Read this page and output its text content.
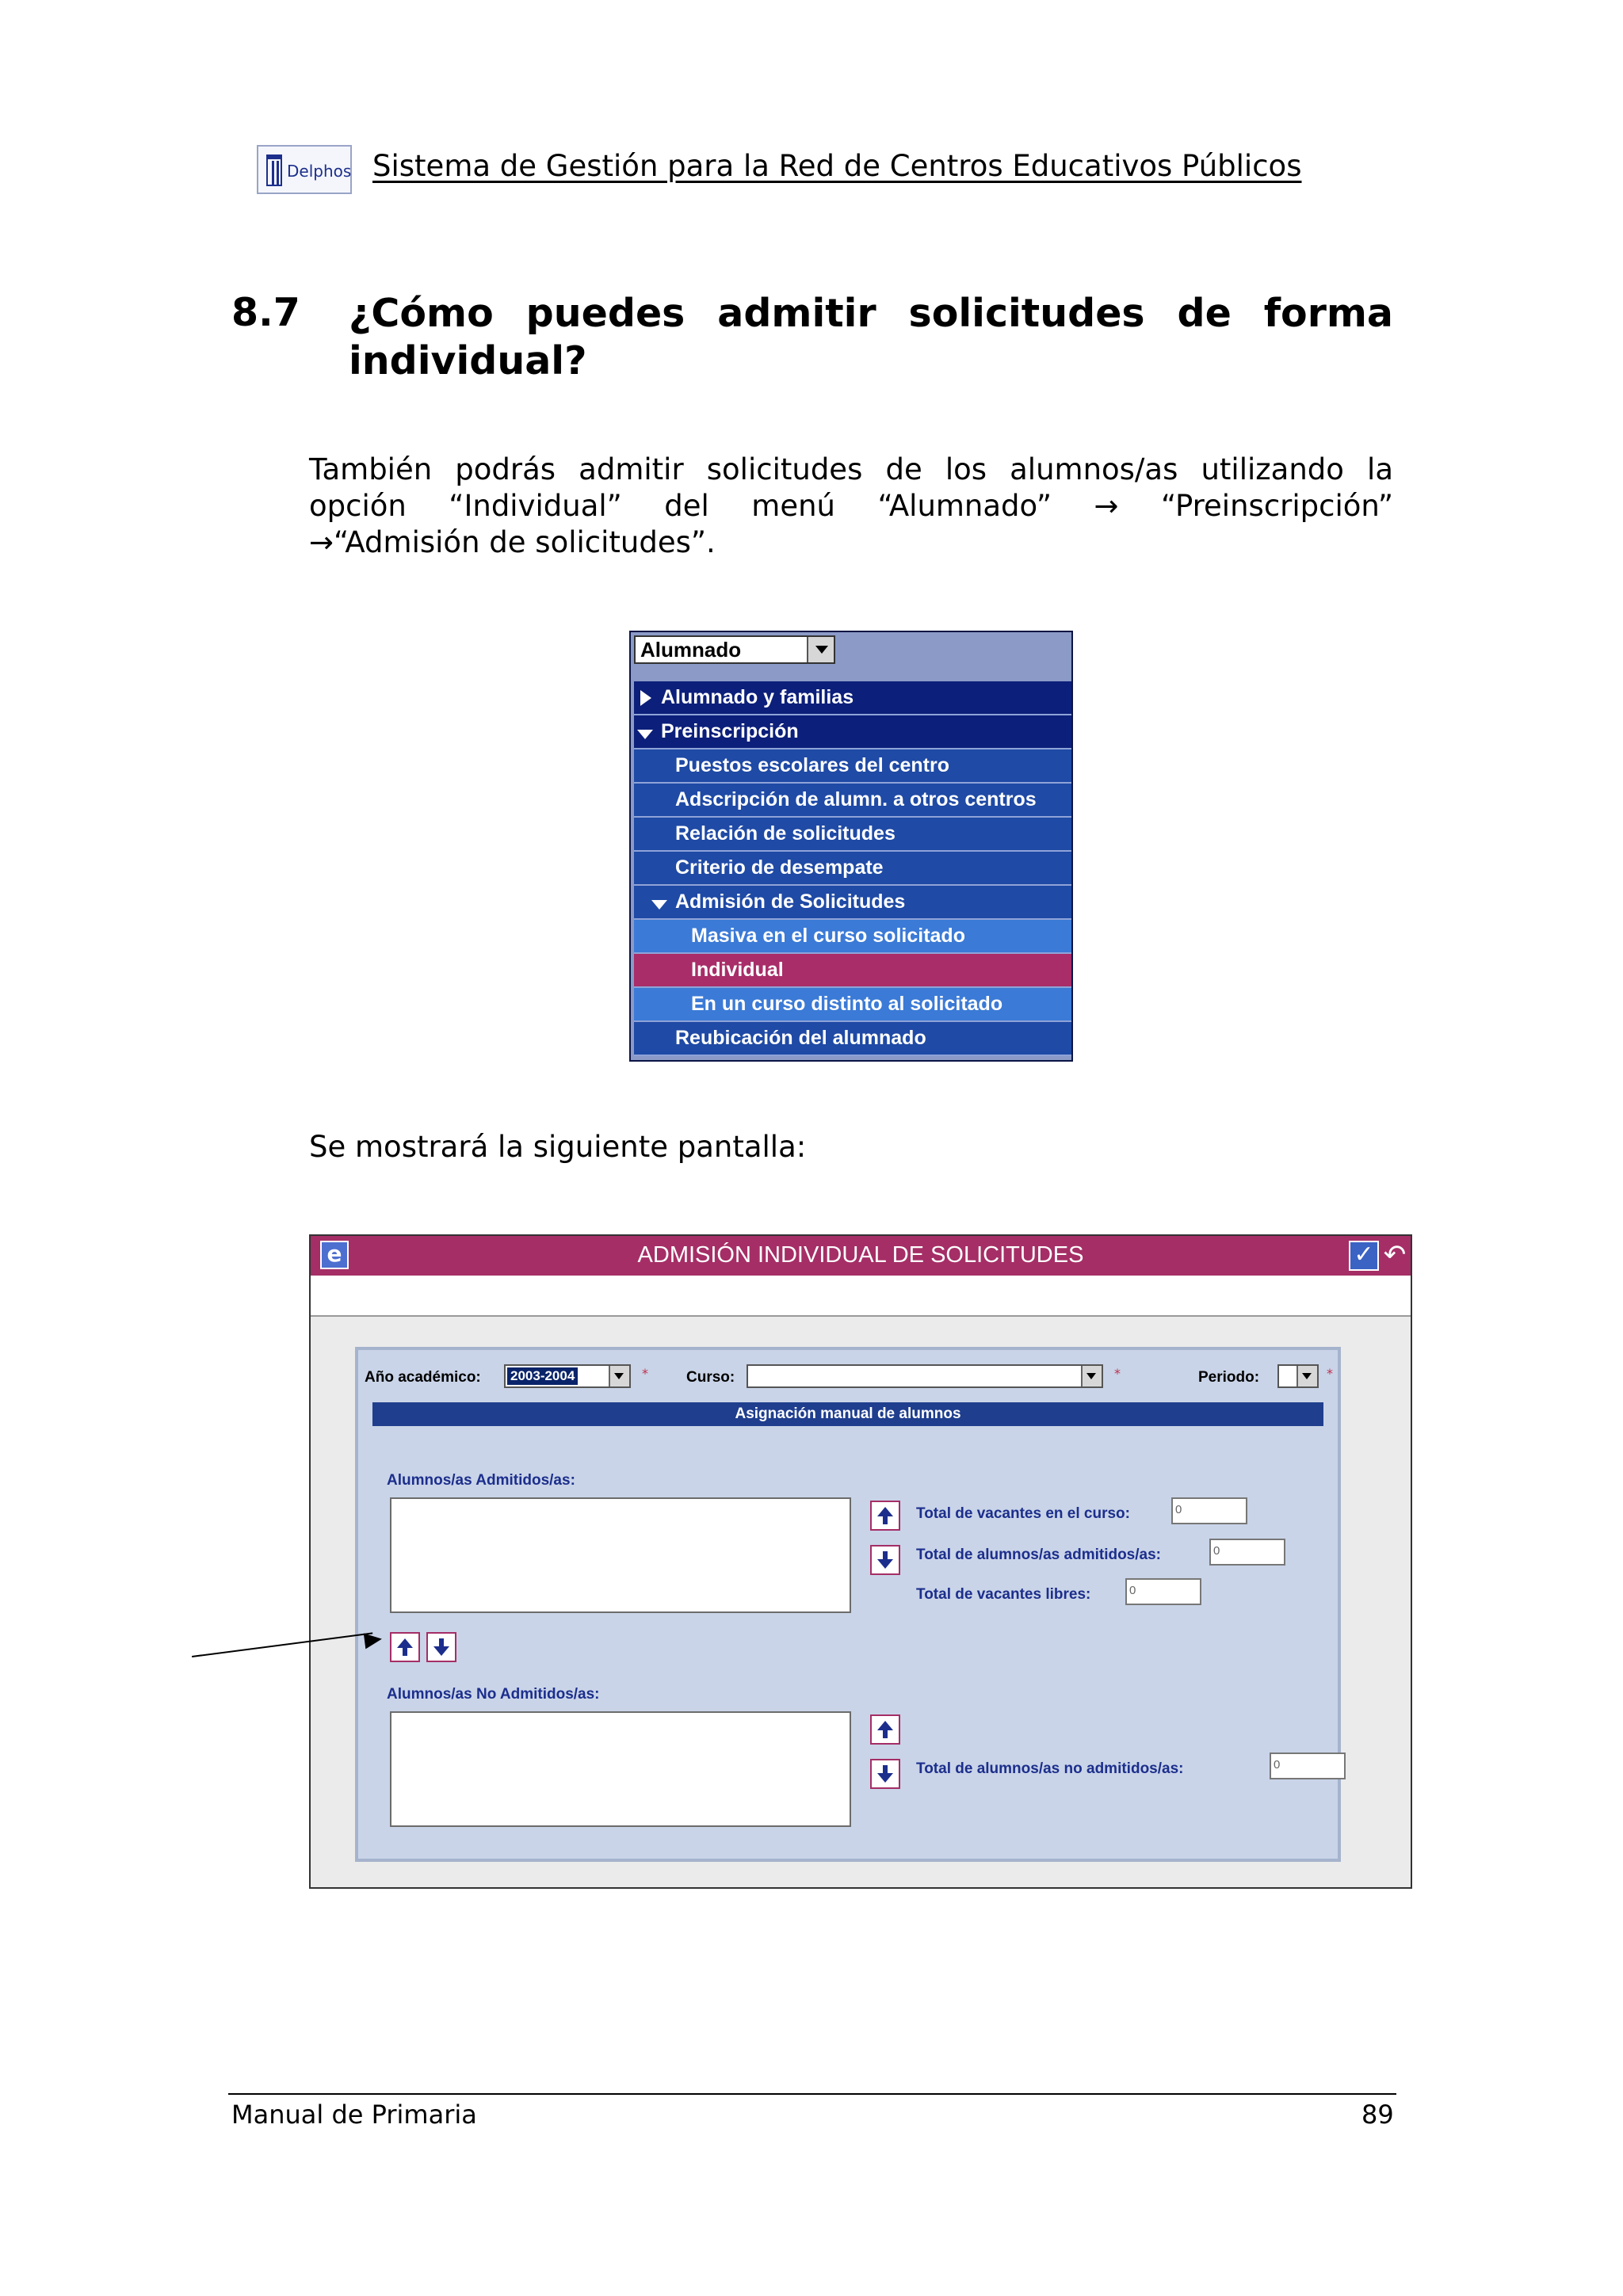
Delphos Sistema de Gestión para la Red de Centros Educativos Públicos
8.7 ¿Cómo puedes admitir solicitudes de forma
individual?
También podrás admitir solicitudes de los alumnos/as utilizando la
opción “Individual” del menú “Alumnado” → “Preinscripción”
→“Admisión de solicitudes”.
Alumnado
Alumnado y familias
Preinscripción
Puestos escolares del centro
Adscripción de alumn. a otros centros
Relación de solicitudes
Criterio de desempate
Admisión de Solicitudes
Masiva en el curso solicitado
Individual
En un curso distinto al solicitado
Reubicación del alumnado
Se mostrará la siguiente pantalla:
e	ADMISIÓN INDIVIDUAL DE SOLICITUDES	✓ ↶
Año académico: 2003-2004	*	Curso:	*	Periodo:	*
Asignación manual de alumnos
Alumnos/as Admitidos/as:
Total de vacantes en el curso:	0
Total de alumnos/as admitidos/as:	0
Total de vacantes libres:	0
Alumnos/as No Admitidos/as:
Total de alumnos/as no admitidos/as:	0
Manual de Primaria	89
